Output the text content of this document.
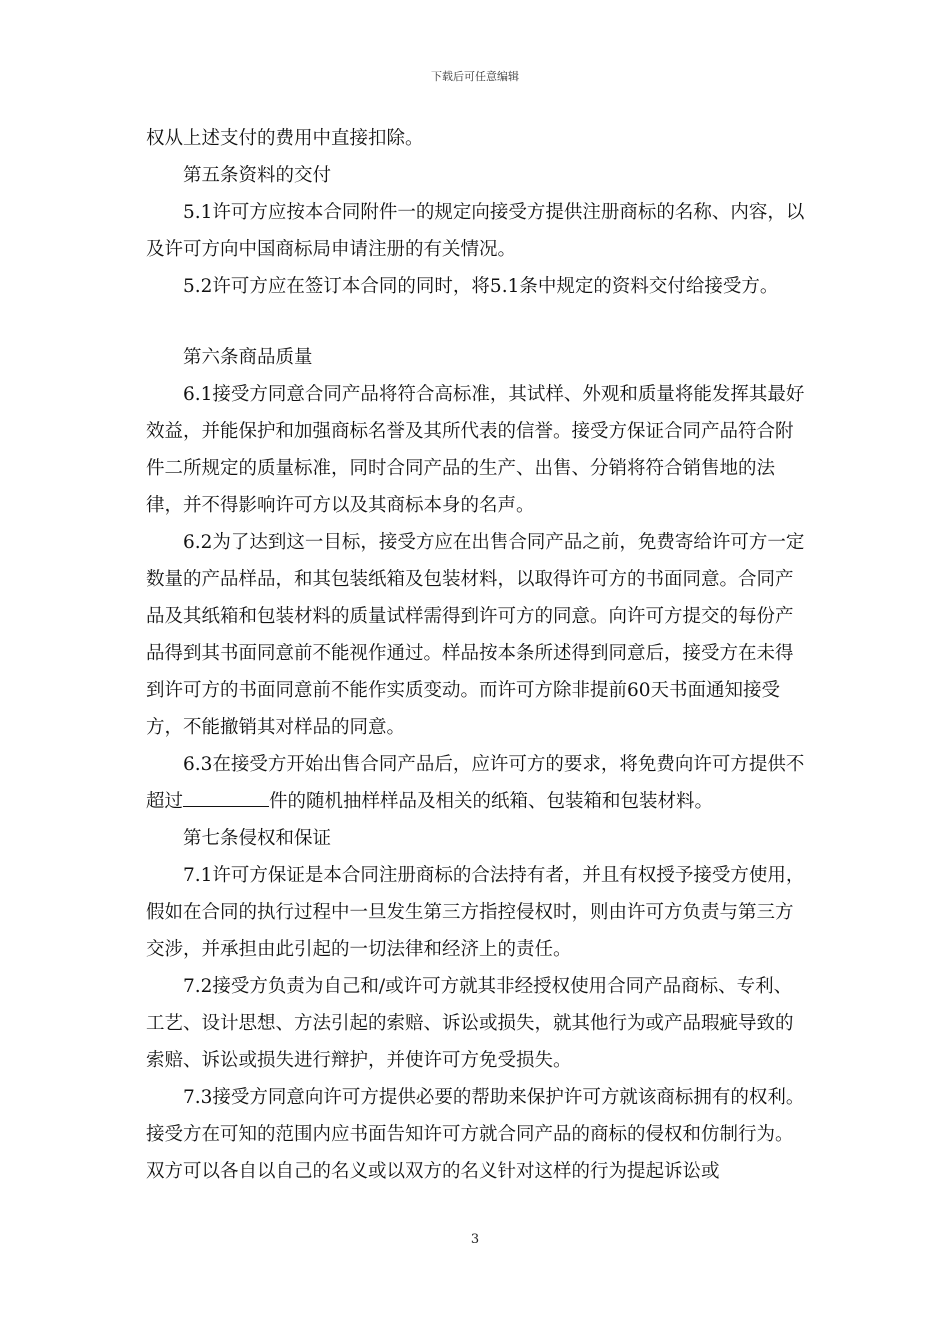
下载后可任意编辑

权从上述支付的费用中直接扣除。

第五条资料的交付

5.1许可方应按本合同附件一的规定向接受方提供注册商标的名称、内容，以及许可方向中国商标局申请注册的有关情况。

5.2许可方应在签订本合同的同时，将5.1条中规定的资料交付给接受方。

第六条商品质量

6.1接受方同意合同产品将符合高标准，其试样、外观和质量将能发挥其最好效益，并能保护和加强商标名誉及其所代表的信誉。接受方保证合同产品符合附件二所规定的质量标准，同时合同产品的生产、出售、分销将符合销售地的法律，并不得影响许可方以及其商标本身的名声。

6.2为了达到这一目标，接受方应在出售合同产品之前，免费寄给许可方一定数量的产品样品，和其包装纸箱及包装材料，以取得许可方的书面同意。合同产品及其纸箱和包装材料的质量试样需得到许可方的同意。向许可方提交的每份产品得到其书面同意前不能视作通过。样品按本条所述得到同意后，接受方在未得到许可方的书面同意前不能作实质变动。而许可方除非提前60天书面通知接受方，不能撤销其对样品的同意。

6.3在接受方开始出售合同产品后，应许可方的要求，将免费向许可方提供不超过	件的随机抽样样品及相关的纸箱、包装箱和包装材料。

第七条侵权和保证

7.1许可方保证是本合同注册商标的合法持有者，并且有权授予接受方使用，假如在合同的执行过程中一旦发生第三方指控侵权时，则由许可方负责与第三方交涉，并承担由此引起的一切法律和经济上的责任。

7.2接受方负责为自己和/或许可方就其非经授权使用合同产品商标、专利、工艺、设计思想、方法引起的索赔、诉讼或损失，就其他行为或产品瑕疵导致的索赔、诉讼或损失进行辩护，并使许可方免受损失。

7.3接受方同意向许可方提供必要的帮助来保护许可方就该商标拥有的权利。接受方在可知的范围内应书面告知许可方就合同产品的商标的侵权和仿制行为。双方可以各自以自己的名义或以双方的名义针对这样的行为提起诉讼或

3
